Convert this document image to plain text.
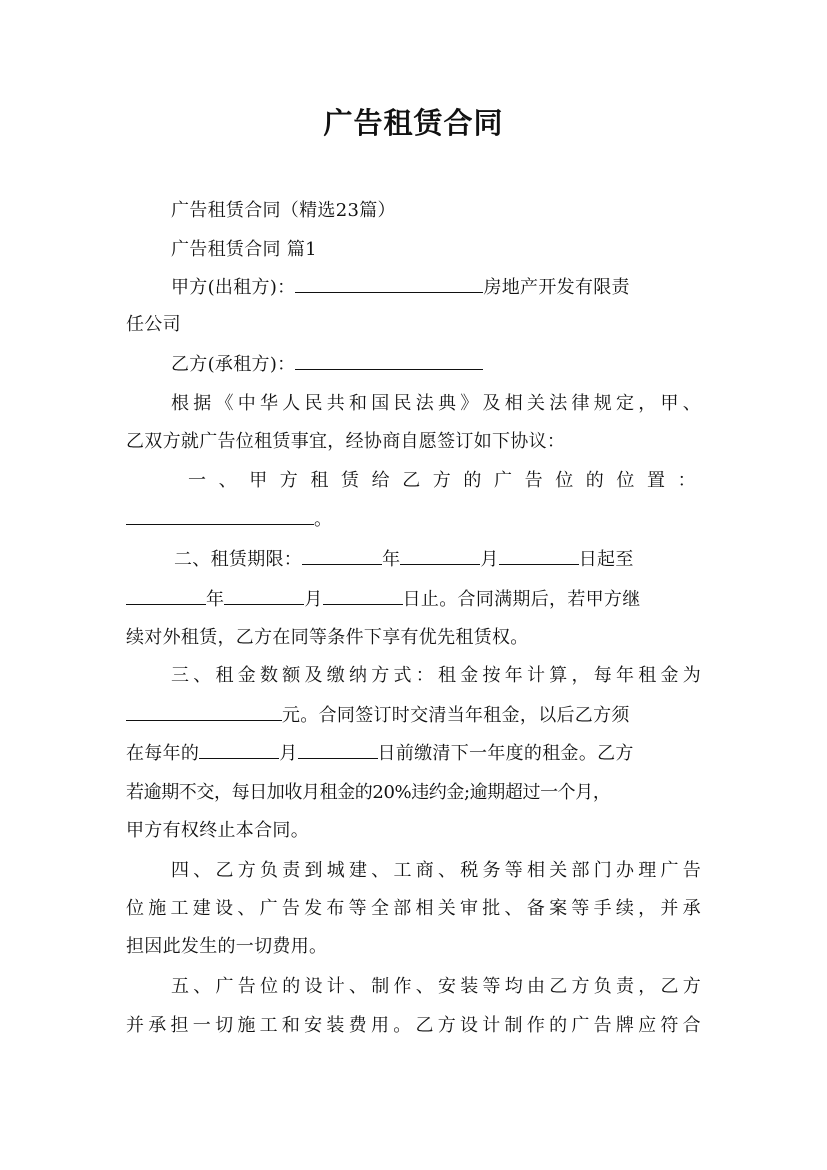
广告租赁合同
广告租赁合同（精选23篇）
广告租赁合同 篇1
甲方(出租方)：	房地产开发有限责
任公司
乙方(承租方)：
根据《中华人民共和国民法典》及相关法律规定，甲、
乙双方就广告位租赁事宜，经协商自愿签订如下协议：
一、甲方租赁给乙方的广告位的位置：
。
二、租赁期限：	年	月	日起至
年	月	日止。合同满期后，若甲方继
续对外租赁，乙方在同等条件下享有优先租赁权。
三、租金数额及缴纳方式：租金按年计算，每年租金为
元。合同签订时交清当年租金，以后乙方须
在每年的	月	日前缴清下一年度的租金。乙方
若逾期不交，每日加收月租金的20%违约金;逾期超过一个月，
甲方有权终止本合同。
四、乙方负责到城建、工商、税务等相关部门办理广告
位施工建设、广告发布等全部相关审批、备案等手续，并承
担因此发生的一切费用。
五、广告位的设计、制作、安装等均由乙方负责，乙方
并承担一切施工和安装费用。乙方设计制作的广告牌应符合
